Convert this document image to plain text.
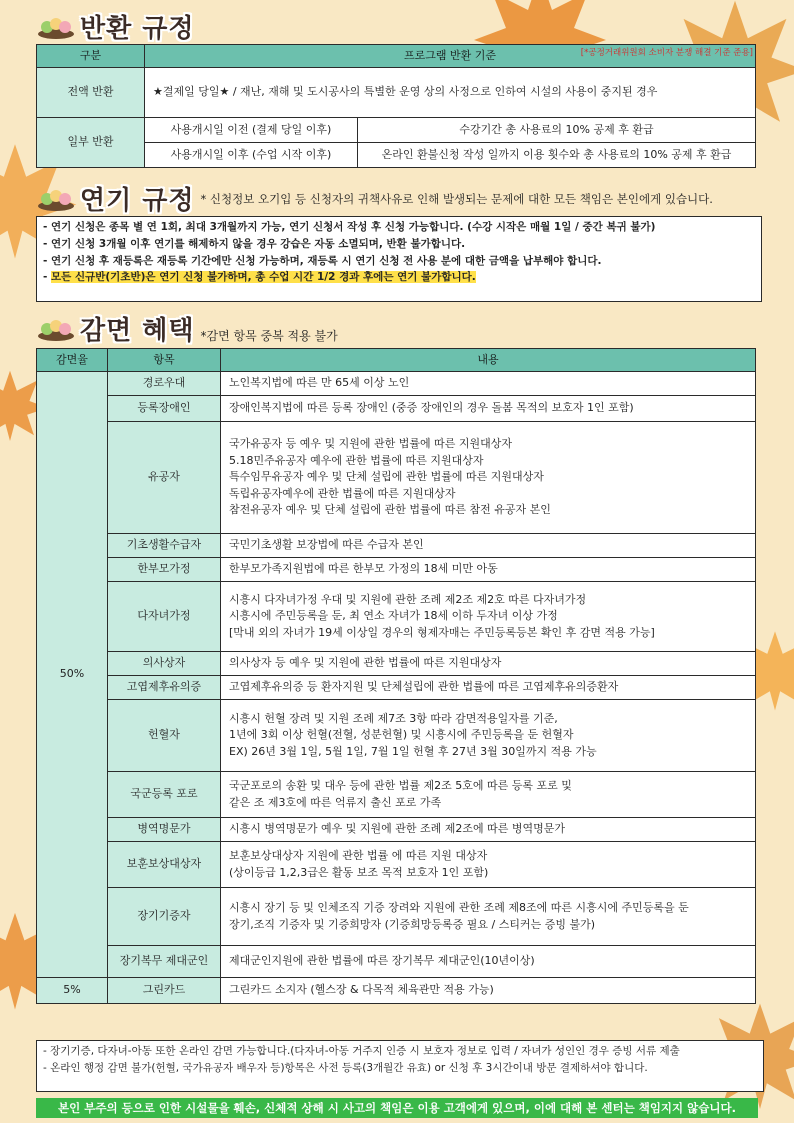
반환 규정
구분	프로그램 반환 기준 [*공정거래위원회 소비자 분쟁 해결 기준 준용]	

전액 반환	★결제일 당일★ / 재난, 재해 및 도시공사의 특별한 운영 상의 사정으로 인하여 시설의 사용이 중지된 경우	
일부 반환	사용개시일 이전 (결제 당일 이후)	수강기간 총 사용료의 10% 공제 후 환급
	사용개시일 이후 (수업 시작 이후)	온라인 환불신청 작성 일까지 이용 횟수와 총 사용료의 10% 공제 후 환급
연기 규정 * 신청정보 오기입 등 신청자의 귀책사유로 인해 발생되는 문제에 대한 모든 책임은 본인에게 있습니다.
- 연기 신청은 종목 별 연 1회, 최대 3개월까지 가능, 연기 신청서 작성 후 신청 가능합니다. (수강 시작은 매월 1일 / 중간 복귀 불가)
- 연기 신청 3개월 이후 연기를 해제하지 않을 경우 강습은 자동 소멸되며, 반환 불가합니다.
- 연기 신청 후 재등록은 재등록 기간에만 신청 가능하며, 재등록 시 연기 신청 전 사용 분에 대한 금액을 납부해야 합니다.
- 모든 신규반(기초반)은 연기 신청 불가하며, 총 수업 시간 1/2 경과 후에는 연기 불가합니다.
감면 혜택 *감면 항목 중복 적용 불가
감면율	항목	내용
50%	경로우대	노인복지법에 따른 만 65세 이상 노인

	등록장애인	장애인복지법에 따른 등록 장애인 (중증 장애인의 경우 돌봄 목적의 보호자 1인 포함)

	유공자	국가유공자 등 예우 및 지원에 관한 법률에 따른 지원대상자
5.18민주유공자 예우에 관한 법률에 따른 지원대상자
특수임무유공자 예우 및 단체 설립에 관한 법률에 따른 지원대상자
독립유공자예우에 관한 법률에 따른 지원대상자
참전유공자 예우 및 단체 설립에 관한 법률에 따른 참전 유공자 본인

	기초생활수급자	국민기초생활 보장법에 따른 수급자 본인

	한부모가정	한부모가족지원법에 따른 한부모 가정의 18세 미만 아동

	다자녀가정	시흥시 다자녀가정 우대 및 지원에 관한 조례 제2조 제2호 따른 다자녀가정
시흥시에 주민등록을 둔, 최 연소 자녀가 18세 이하 두자녀 이상 가정
[막내 외의 자녀가 19세 이상일 경우의 형제자매는 주민등록등본 확인 후 감면 적용 가능]

	의사상자	의사상자 등 예우 및 지원에 관한 법률에 따른 지원대상자

	고엽제후유의증	고엽제후유의증 등 환자지원 및 단체설립에 관한 법률에 따른 고엽제후유의증환자

	헌혈자	시흥시 헌혈 장려 및 지원 조례 제7조 3항 따라 감면적용일자를 기준,
1년에 3회 이상 헌혈(전혈, 성분헌혈) 및 시흥시에 주민등록을 둔 헌혈자
EX) 26년 3월 1일, 5월 1일, 7월 1일 헌혈 후 27년 3월 30일까지 적용 가능

	국군등록 포로	국군포로의 송환 및 대우 등에 관한 법률 제2조 5호에 따른 등록 포로 및
같은 조 제3호에 따른 억류지 출신 포로 가족

	병역명문가	시흥시 병역명문가 예우 및 지원에 관한 조례 제2조에 따른 병역명문가

	보훈보상대상자	보훈보상대상자 지원에 관한 법률 에 따른 지원 대상자
(상이등급 1,2,3급은 활동 보조 목적 보호자 1인 포함)

	장기기증자	시흥시 장기 등 및 인체조직 기증 장려와 지원에 관한 조례 제8조에 따른 시흥시에 주민등록을 둔
장기,조직 기증자 및 기증희망자 (기증희망등록증 필요 / 스티커는 증빙 불가)

	장기복무 제대군인	제대군인지원에 관한 법률에 따른 장기복무 제대군인(10년이상)

5%	그린카드	그린카드 소지자 (헬스장 & 다목적 체육관만 적용 가능)
- 장기기증, 다자녀-아동 또한 온라인 감면 가능합니다.(다자녀-아동 거주지 인증 시 보호자 정보로 입력 / 자녀가 성인인 경우 증빙 서류 제출
- 온라인 행정 감면 불가(헌혈, 국가유공자 배우자 등)항목은 사전 등록(3개월간 유효) or 신청 후 3시간이내 방문 결제하셔야 합니다.
본인 부주의 등으로 인한 시설물을 훼손, 신체적 상해 시 사고의 책임은 이용 고객에게 있으며, 이에 대해 본 센터는 책임지지 않습니다.
